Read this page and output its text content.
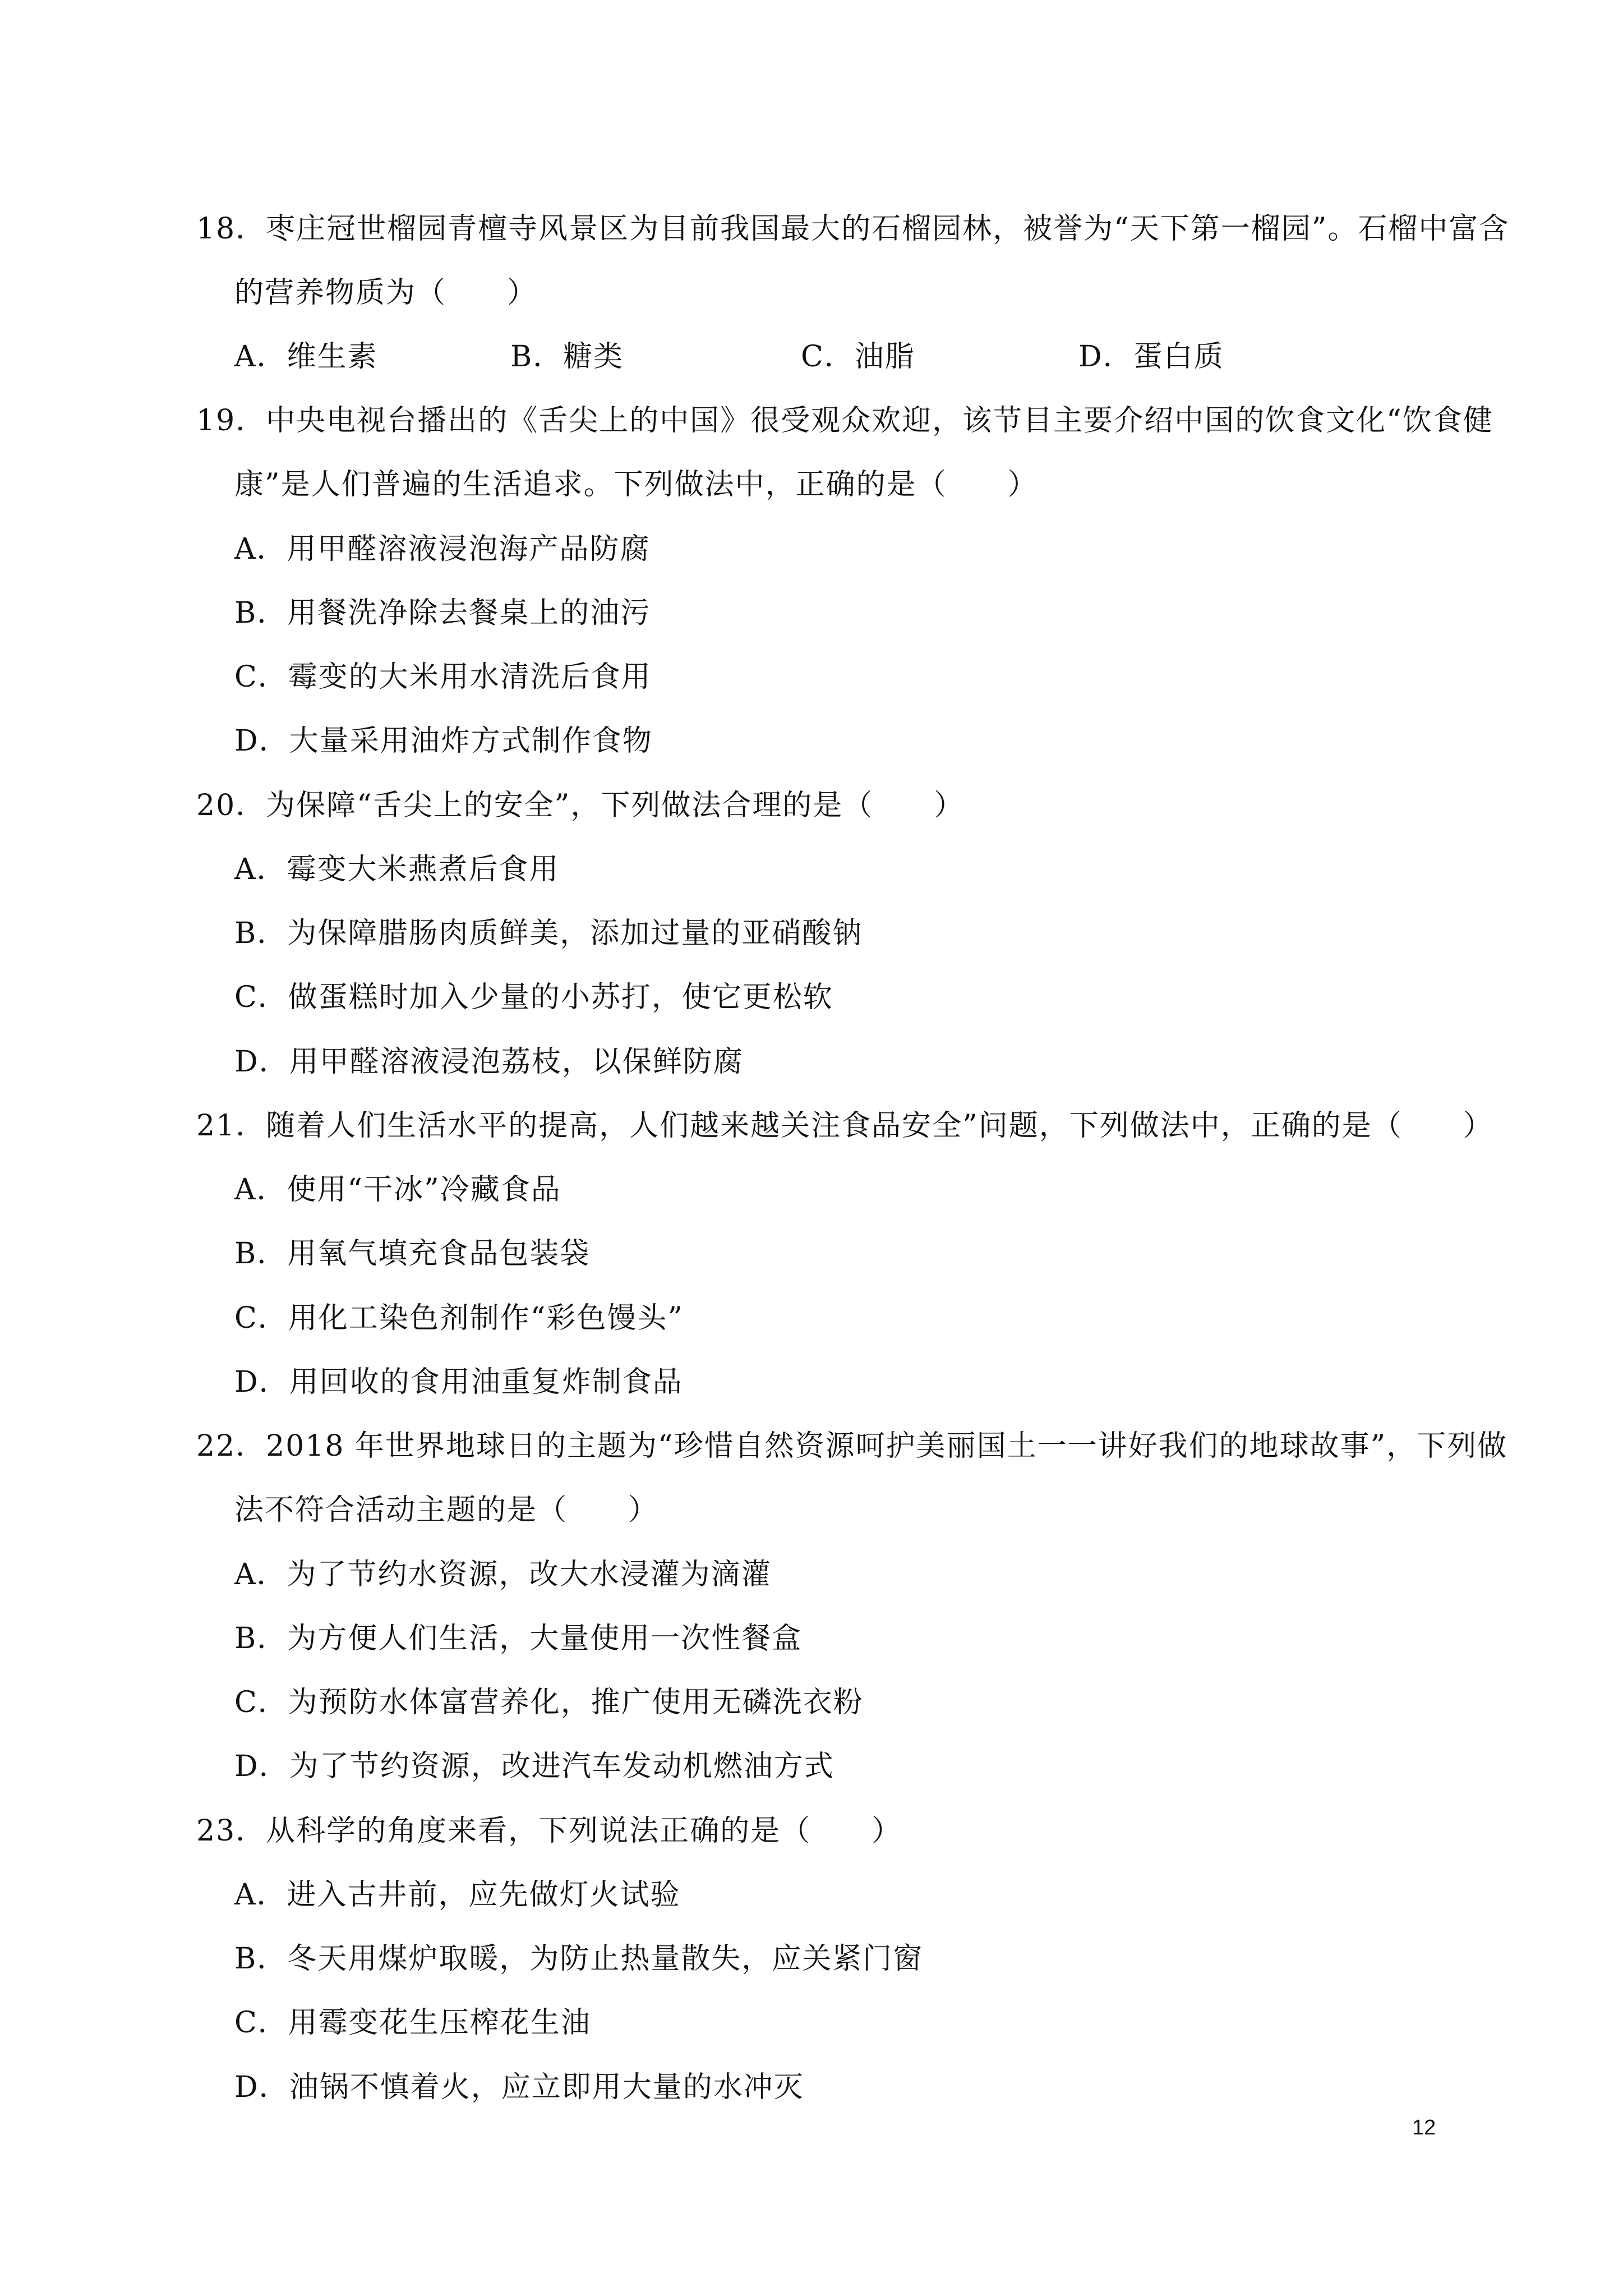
18．枣庄冠世榴园青檀寺风景区为目前我国最大的石榴园林，被誉为“天下第一榴园”。石榴中富含
的营养物质为（　　）
A．维生素	B．糖类	C．油脂	D．蛋白质
19．中央电视台播出的《舌尖上的中国》很受观众欢迎，该节目主要介绍中国的饮食文化“饮食健
康”是人们普遍的生活追求。下列做法中，正确的是（　　）
A．用甲醛溶液浸泡海产品防腐
B．用餐洗净除去餐桌上的油污
C．霉变的大米用水清洗后食用
D．大量采用油炸方式制作食物
20．为保障“舌尖上的安全”，下列做法合理的是（　　）
A．霉变大米燕煮后食用
B．为保障腊肠肉质鲜美，添加过量的亚硝酸钠
C．做蛋糕时加入少量的小苏打，使它更松软
D．用甲醛溶液浸泡荔枝，以保鲜防腐
21．随着人们生活水平的提高，人们越来越关注食品安全”问题，下列做法中，正确的是（　　）
A．使用“干冰”冷藏食品
B．用氧气填充食品包装袋
C．用化工染色剂制作“彩色馒头”
D．用回收的食用油重复炸制食品
22．2018 年世界地球日的主题为“珍惜自然资源呵护美丽国土一一讲好我们的地球故事”，下列做
法不符合活动主题的是（　　）
A．为了节约水资源，改大水浸灌为滴灌
B．为方便人们生活，大量使用一次性餐盒
C．为预防水体富营养化，推广使用无磷洗衣粉
D．为了节约资源，改进汽车发动机燃油方式
23．从科学的角度来看，下列说法正确的是（　　）
A．进入古井前，应先做灯火试验
B．冬天用煤炉取暖，为防止热量散失，应关紧门窗
C．用霉变花生压榨花生油
D．油锅不慎着火，应立即用大量的水冲灭
12
